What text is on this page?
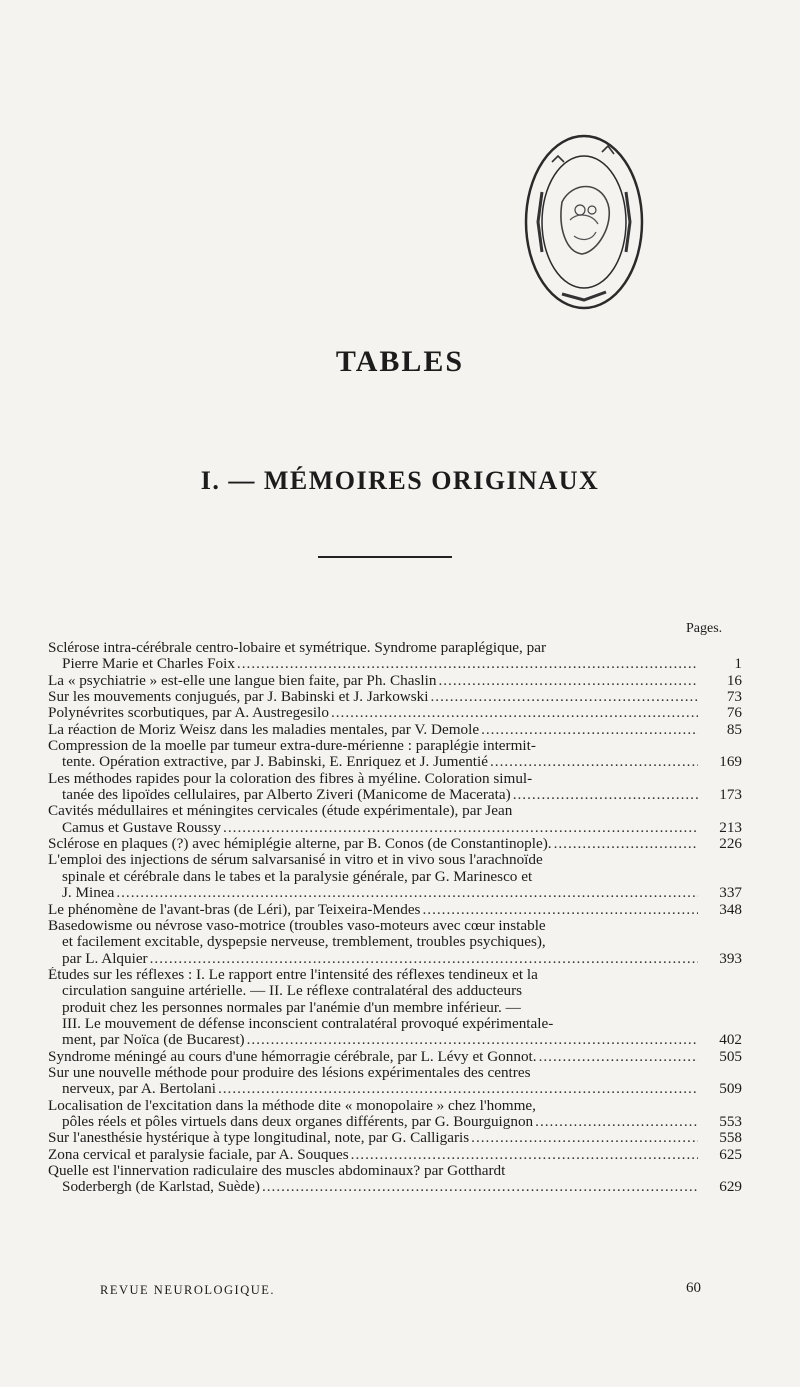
TABLES
I. — MÉMOIRES ORIGINAUX
Pages.
Sclérose intra-cérébrale centro-lobaire et symétrique. Syndrome paraplégique, par
Pierre Marie et Charles Foix .....	1
La « psychiatrie » est-elle une langue bien faite, par Ph. Chaslin .....	16
Sur les mouvements conjugués, par J. Babinski et J. Jarkowski .....	73
Polynévrites scorbutiques, par A. Austregesilo .....	76
La réaction de Moriz Weisz dans les maladies mentales, par V. Demole .....	85
Compression de la moelle par tumeur extra-dure-mérienne : paraplégie intermit-
tente. Opération extractive, par J. Babinski, E. Enriquez et J. Jumentié .....	169
Les méthodes rapides pour la coloration des fibres à myéline. Coloration simul-
tanée des lipoïdes cellulaires, par Alberto Ziveri (Manicome de Macerata) .....	173
Cavités médullaires et méningites cervicales (étude expérimentale), par Jean
Camus et Gustave Roussy .....	213
Sclérose en plaques (?) avec hémiplégie alterne, par B. Conos (de Constantinople). .....	226
L'emploi des injections de sérum salvarsanisé in vitro et in vivo sous l'arachnoïde
spinale et cérébrale dans le tabes et la paralysie générale, par G. Marinesco et
J. Minea .....	337
Le phénomène de l'avant-bras (de Léri), par Teixeira-Mendes .....	348
Basedowisme ou névrose vaso-motrice (troubles vaso-moteurs avec cœur instable
et facilement excitable, dyspepsie nerveuse, tremblement, troubles psychiques),
par L. Alquier .....	393
Études sur les réflexes : I. Le rapport entre l'intensité des réflexes tendineux et la
circulation sanguine artérielle. — II. Le réflexe contralatéral des adducteurs
produit chez les personnes normales par l'anémie d'un membre inférieur. —
III. Le mouvement de défense inconscient contralatéral provoqué expérimentale-
ment, par Noïca (de Bucarest) .....	402
Syndrome méningé au cours d'une hémorragie cérébrale, par L. Lévy et Gonnot. .....	505
Sur une nouvelle méthode pour produire des lésions expérimentales des centres
nerveux, par A. Bertolani .....	509
Localisation de l'excitation dans la méthode dite « monopolaire » chez l'homme,
pôles réels et pôles virtuels dans deux organes différents, par G. Bourguignon .....	553
Sur l'anesthésie hystérique à type longitudinal, note, par G. Calligaris .....	558
Zona cervical et paralysie faciale, par A. Souques .....	625
Quelle est l'innervation radiculaire des muscles abdominaux? par Gotthardt
Soderbergh (de Karlstad, Suède) .....	629
REVUE NEUROLOGIQUE.	60
